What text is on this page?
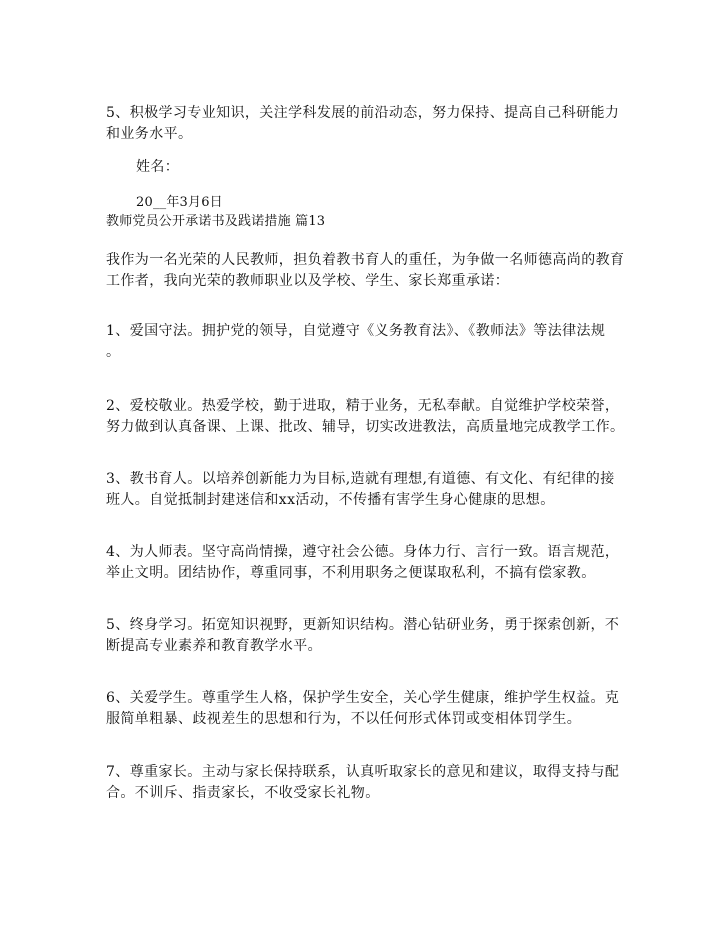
5、积极学习专业知识，关注学科发展的前沿动态，努力保持、提高自己科研能力
和业务水平。
姓名：
20__年3月6日
教师党员公开承诺书及践诺措施 篇13
我作为一名光荣的人民教师，担负着教书育人的重任，为争做一名师德高尚的教育
工作者，我向光荣的教师职业以及学校、学生、家长郑重承诺：
1、爱国守法。拥护党的领导，自觉遵守《义务教育法》、《教师法》等法律法规
。
2、爱校敬业。热爱学校，勤于进取，精于业务，无私奉献。自觉维护学校荣誉，
努力做到认真备课、上课、批改、辅导，切实改进教法，高质量地完成教学工作。
3、教书育人。以培养创新能力为目标,造就有理想,有道德、有文化、有纪律的接
班人。自觉抵制封建迷信和xx活动，不传播有害学生身心健康的思想。
4、为人师表。坚守高尚情操，遵守社会公德。身体力行、言行一致。语言规范，
举止文明。团结协作，尊重同事，不利用职务之便谋取私利，不搞有偿家教。
5、终身学习。拓宽知识视野，更新知识结构。潜心钻研业务，勇于探索创新，不
断提高专业素养和教育教学水平。
6、关爱学生。尊重学生人格，保护学生安全，关心学生健康，维护学生权益。克
服简单粗暴、歧视差生的思想和行为，不以任何形式体罚或变相体罚学生。
7、尊重家长。主动与家长保持联系，认真听取家长的意见和建议，取得支持与配
合。不训斥、指责家长，不收受家长礼物。
